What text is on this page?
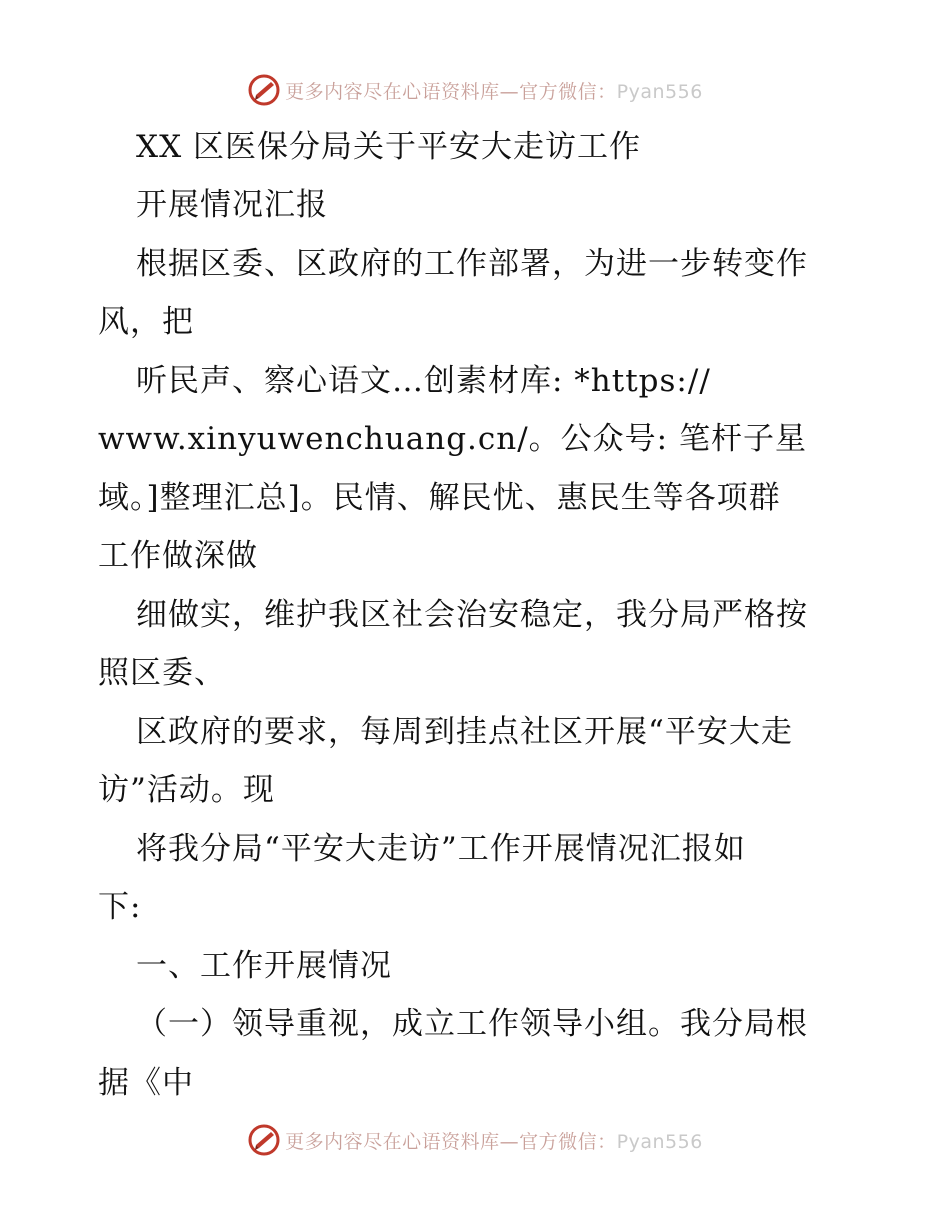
更多内容尽在心语资料库—官方微信：Pyan556
XX 区医保分局关于平安大走访工作
开展情况汇报
根据区委、区政府的工作部署，为进一步转变作
风，把
听民声、察心语文…创素材库: *https://
www.xinyuwenchuang.cn/。公众号: 笔杆子星
域。]整理汇总]。民情、解民忧、惠民生等各项群
工作做深做
细做实，维护我区社会治安稳定，我分局严格按
照区委、
区政府的要求，每周到挂点社区开展“平安大走
访”活动。现
将我分局“平安大走访”工作开展情况汇报如
下:
一、工作开展情况
（一）领导重视，成立工作领导小组。我分局根
据《中
更多内容尽在心语资料库—官方微信：Pyan556
